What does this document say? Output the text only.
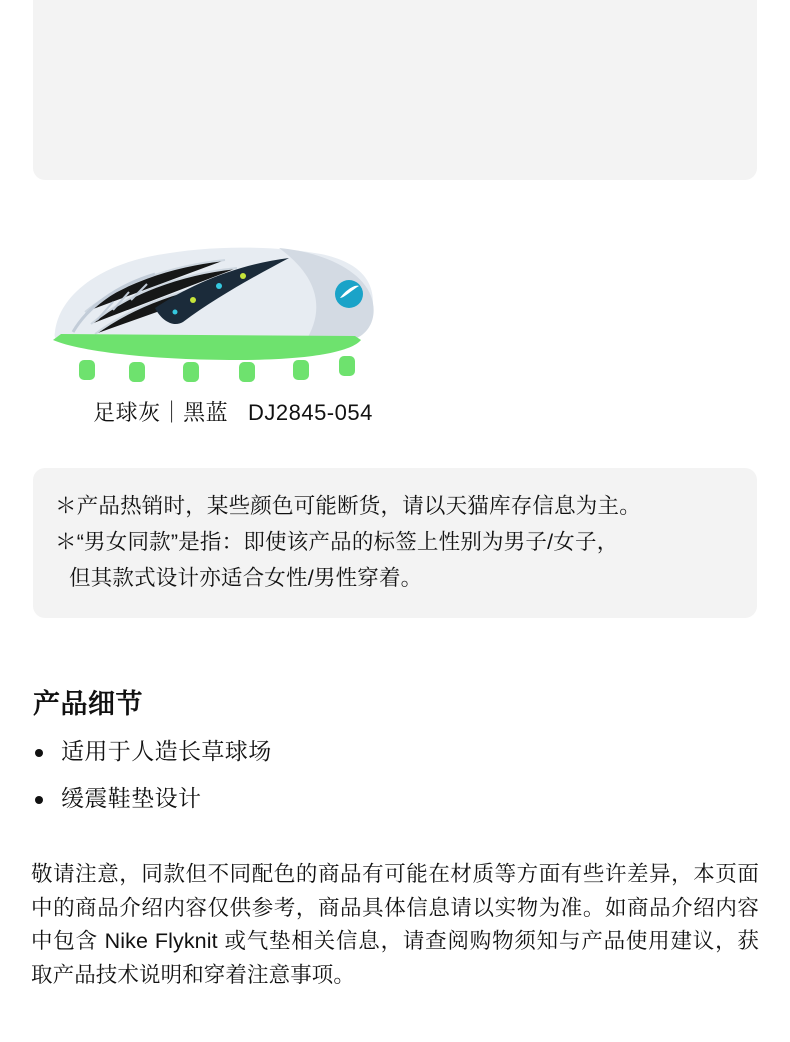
足球灰｜黑蓝   DJ2845-054
＊产品热销时，某些颜色可能断货，请以天猫库存信息为主。
＊“男女同款”是指：即使该产品的标签上性别为男子/女子，
但其款式设计亦适合女性/男性穿着。
产品细节
适用于人造长草球场
缓震鞋垫设计
敬请注意，同款但不同配色的商品有可能在材质等方面有些许差异，本页面中的商品介绍内容仅供参考，商品具体信息请以实物为准。如商品介绍内容中包含 Nike Flyknit 或气垫相关信息，请查阅购物须知与产品使用建议，获取产品技术说明和穿着注意事项。
